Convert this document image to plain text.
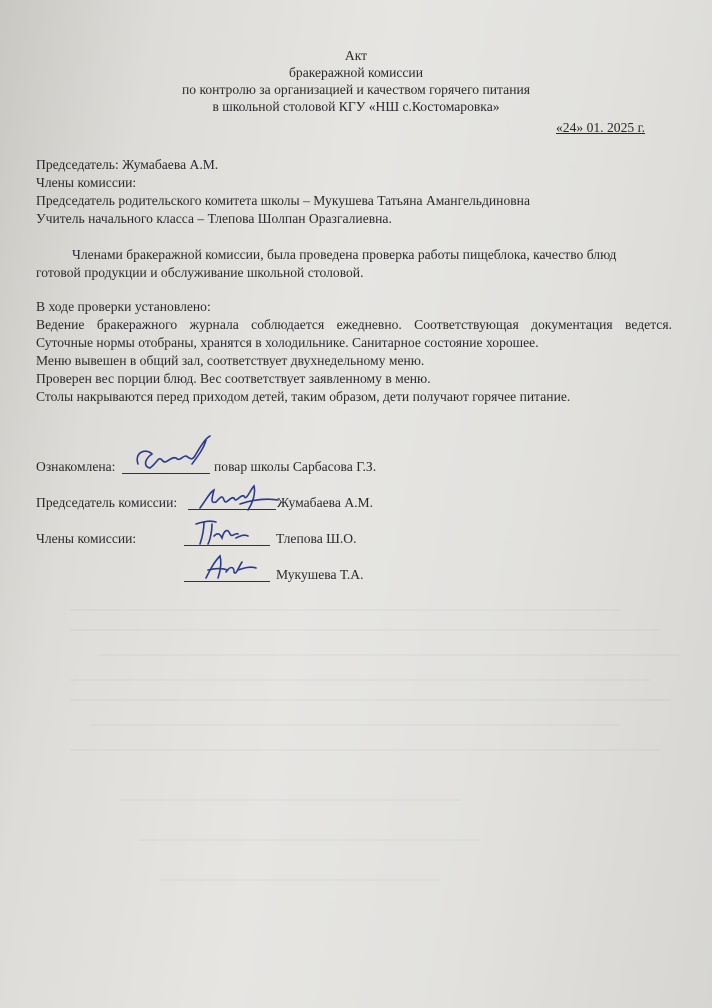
Акт
бракеражной комиссии
по контролю за организацией и качеством горячего питания
в школьной столовой КГУ «НШ с.Костомаровка»
«24» 01. 2025 г.
Председатель: Жумабаева А.М.
Члены комиссии:
Председатель родительского комитета школы – Мукушева Татьяна Амангельдиновна
Учитель начального класса – Тлепова Шолпан Оразгалиевна.
Членами бракеражной комиссии, была проведена проверка работы пищеблока, качество блюд
готовой продукции и обслуживание школьной столовой.
В ходе проверки установлено:
Ведение бракеражного журнала соблюдается ежедневно. Соответствующая документация ведется.
Суточные нормы отобраны, хранятся в холодильнике. Санитарное состояние хорошее.
Меню вывешен в общий зал, соответствует двухнедельному меню.
Проверен вес порции блюд. Вес соответствует заявленному в меню.
Столы накрываются перед приходом детей, таким образом, дети получают горячее питание.
Ознакомлена:	повар школы Сарбасова Г.З.
Председатель комиссии:	Жумабаева А.М.
Члены комиссии:	Тлепова Ш.О.
Мукушева Т.А.
